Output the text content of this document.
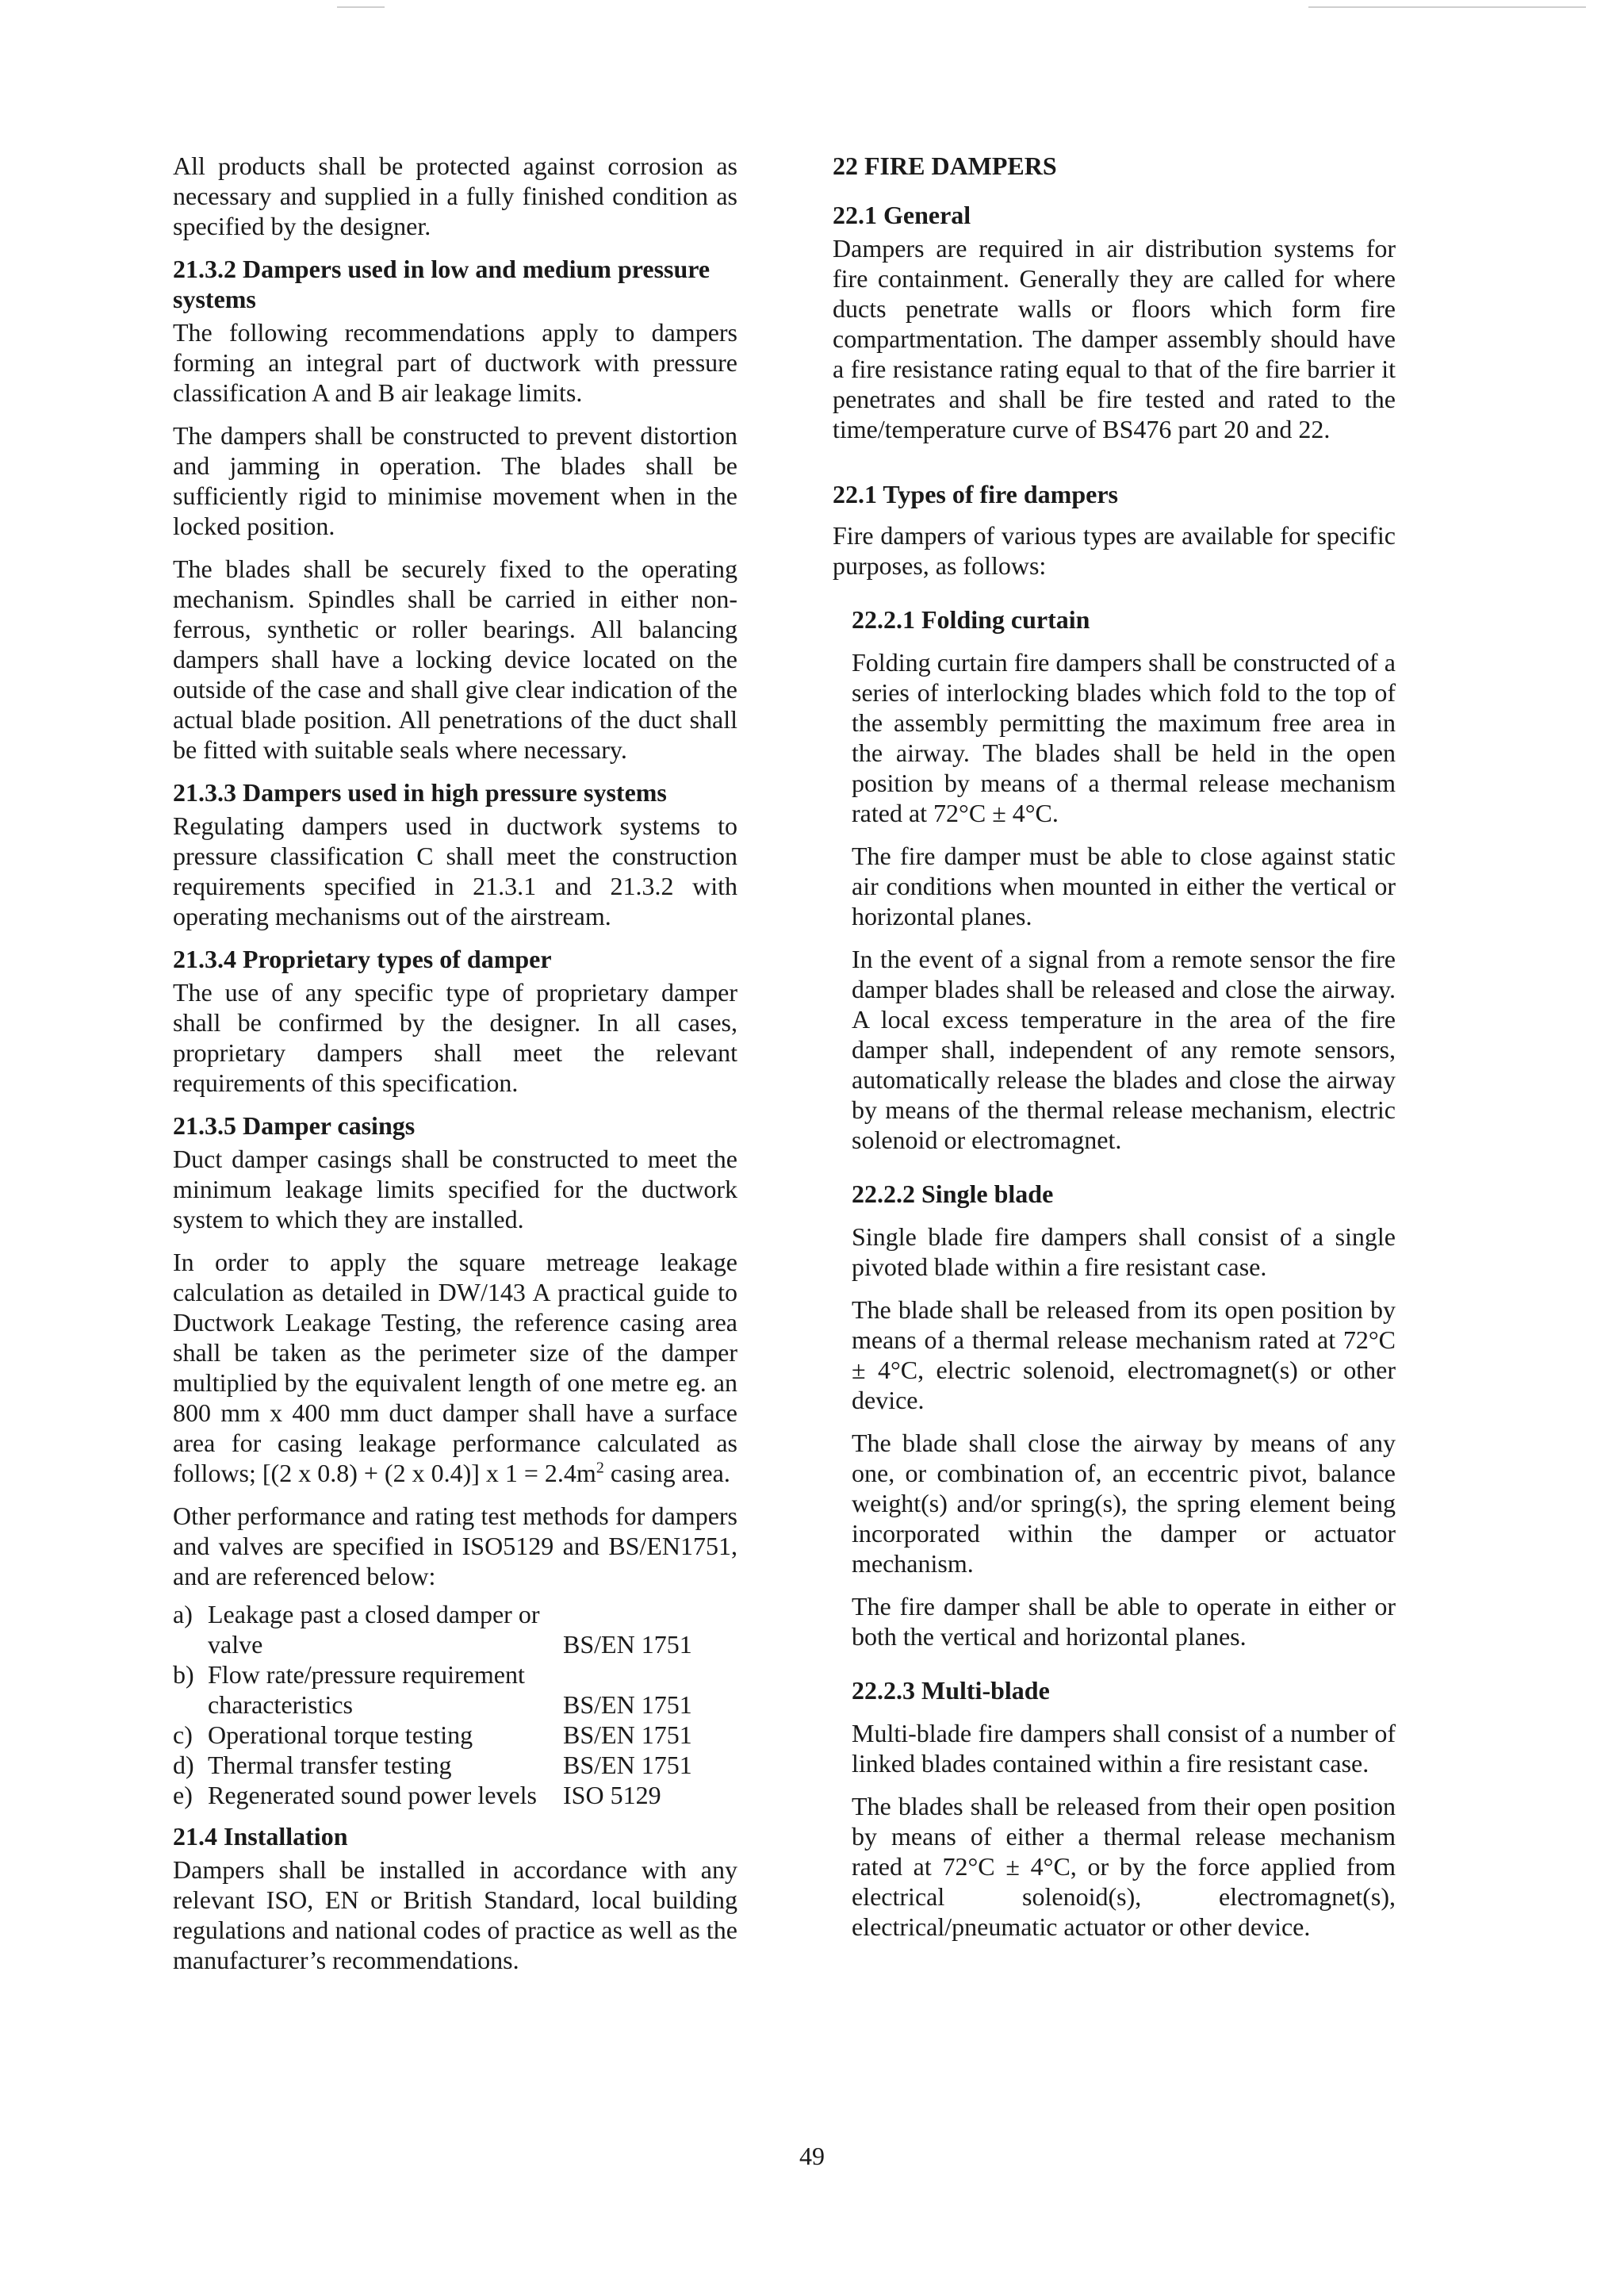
All products shall be protected against corrosion as necessary and supplied in a fully finished condition as specified by the designer.

21.3.2 Dampers used in low and medium pressure systems

The following recommendations apply to dampers forming an integral part of ductwork with pressure classification A and B air leakage limits.

The dampers shall be constructed to prevent distortion and jamming in operation. The blades shall be sufficiently rigid to minimise movement when in the locked position.

The blades shall be securely fixed to the operating mechanism. Spindles shall be carried in either non-ferrous, synthetic or roller bearings. All balancing dampers shall have a locking device located on the outside of the case and shall give clear indication of the actual blade position. All penetrations of the duct shall be fitted with suitable seals where necessary.

21.3.3 Dampers used in high pressure systems

Regulating dampers used in ductwork systems to pressure classification C shall meet the construction requirements specified in 21.3.1 and 21.3.2 with operating mechanisms out of the airstream.

21.3.4 Proprietary types of damper

The use of any specific type of proprietary damper shall be confirmed by the designer. In all cases, proprietary dampers shall meet the relevant requirements of this specification.

21.3.5 Damper casings

Duct damper casings shall be constructed to meet the minimum leakage limits specified for the ductwork system to which they are installed.

In order to apply the square metreage leakage calculation as detailed in DW/143 A practical guide to Ductwork Leakage Testing, the reference casing area shall be taken as the perimeter size of the damper multiplied by the equivalent length of one metre eg. an 800 mm x 400 mm duct damper shall have a surface area for casing leakage performance calculated as follows; [(2 x 0.8) + (2 x 0.4)] x $1 = 2.4m^2$ casing area.

Other performance and rating test methods for dampers and valves are specified in ISO5129 and BS/EN1751, and are referenced below:

a)	Leakage past a closed damper or valve	BS/EN 1751
b)	Flow rate/pressure requirement characteristics	BS/EN 1751
c)	Operational torque testing	BS/EN 1751
d)	Thermal transfer testing	BS/EN 1751
e)	Regenerated sound power levels	ISO 5129
21.4 Installation

Dampers shall be installed in accordance with any relevant ISO, EN or British Standard, local building regulations and national codes of practice as well as the manufacturer’s recommendations.

22 FIRE DAMPERS
22.1 General

Dampers are required in air distribution systems for fire containment. Generally they are called for where ducts penetrate walls or floors which form fire compartmentation. The damper assembly should have a fire resistance rating equal to that of the fire barrier it penetrates and shall be fire tested and rated to the time/temperature curve of BS476 part 20 and 22.

22.1 Types of fire dampers

Fire dampers of various types are available for specific purposes, as follows:

22.2.1 Folding curtain

Folding curtain fire dampers shall be constructed of a series of interlocking blades which fold to the top of the assembly permitting the maximum free area in the airway. The blades shall be held in the open position by means of a thermal release mechanism rated at 72°C ± 4°C.

The fire damper must be able to close against static air conditions when mounted in either the vertical or horizontal planes.

In the event of a signal from a remote sensor the fire damper blades shall be released and close the airway. A local excess temperature in the area of the fire damper shall, independent of any remote sensors, automatically release the blades and close the airway by means of the thermal release mechanism, electric solenoid or electromagnet.

22.2.2 Single blade

Single blade fire dampers shall consist of a single pivoted blade within a fire resistant case.

The blade shall be released from its open position by means of a thermal release mechanism rated at 72°C ± 4°C, electric solenoid, electromagnet(s) or other device.

The blade shall close the airway by means of any one, or combination of, an eccentric pivot, balance weight(s) and/or spring(s), the spring element being incorporated within the damper or actuator mechanism.

The fire damper shall be able to operate in either or both the vertical and horizontal planes.

22.2.3 Multi-blade

Multi-blade fire dampers shall consist of a number of linked blades contained within a fire resistant case.

The blades shall be released from their open position by means of either a thermal release mechanism rated at 72°C ± 4°C, or by the force applied from electrical solenoid(s), electromagnet(s), electrical/pneumatic actuator or other device.

49
